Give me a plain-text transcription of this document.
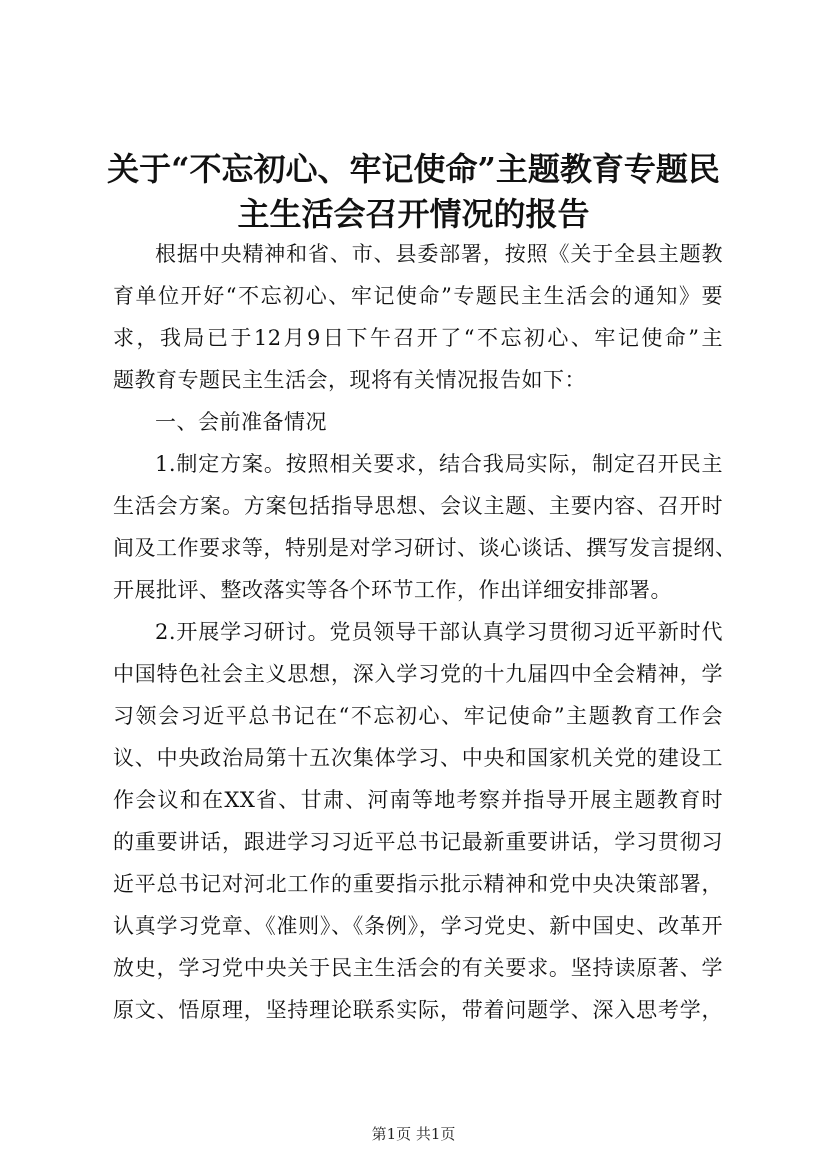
关于“不忘初心、牢记使命”主题教育专题民
主生活会召开情况的报告
根据中央精神和省、市、县委部署，按照《关于全县主题教
育单位开好“不忘初心、牢记使命”专题民主生活会的通知》要
求，我局已于12月9日下午召开了“不忘初心、牢记使命”主
题教育专题民主生活会，现将有关情况报告如下：
一、会前准备情况
1.制定方案。按照相关要求，结合我局实际，制定召开民主
生活会方案。方案包括指导思想、会议主题、主要内容、召开时
间及工作要求等，特别是对学习研讨、谈心谈话、撰写发言提纲、
开展批评、整改落实等各个环节工作，作出详细安排部署。
2.开展学习研讨。党员领导干部认真学习贯彻习近平新时代
中国特色社会主义思想，深入学习党的十九届四中全会精神，学
习领会习近平总书记在“不忘初心、牢记使命”主题教育工作会
议、中央政治局第十五次集体学习、中央和国家机关党的建设工
作会议和在XX省、甘肃、河南等地考察并指导开展主题教育时
的重要讲话，跟进学习习近平总书记最新重要讲话，学习贯彻习
近平总书记对河北工作的重要指示批示精神和党中央决策部署，
认真学习党章、《准则》、《条例》，学习党史、新中国史、改革开
放史，学习党中央关于民主生活会的有关要求。坚持读原著、学
原文、悟原理，坚持理论联系实际，带着问题学、深入思考学，
第1页 共1页
